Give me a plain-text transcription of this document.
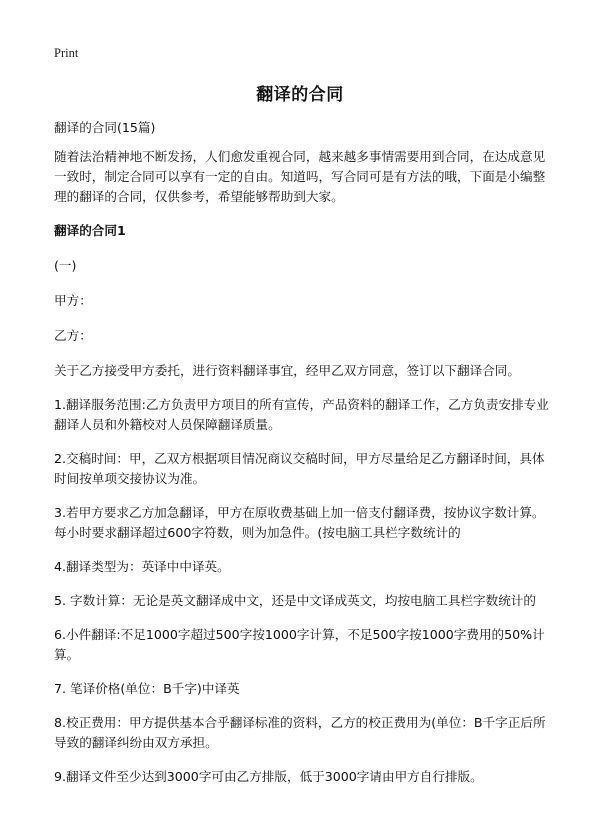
Print
翻译的合同

翻译的合同(15篇)

随着法治精神地不断发扬，人们愈发重视合同，越来越多事情需要用到合同，在达成意见一致时，制定合同可以享有一定的自由。知道吗，写合同可是有方法的哦，下面是小编整理的翻译的合同，仅供参考，希望能够帮助到大家。

翻译的合同1

(一)

甲方：

乙方：

关于乙方接受甲方委托，进行资料翻译事宜，经甲乙双方同意，签订以下翻译合同。

1.翻译服务范围:乙方负责甲方项目的所有宣传，产品资料的翻译工作，乙方负责安排专业翻译人员和外籍校对人员保障翻译质量。

2.交稿时间：甲，乙双方根据项目情况商议交稿时间，甲方尽量给足乙方翻译时间，具体时间按单项交接协议为准。

3.若甲方要求乙方加急翻译，甲方在原收费基础上加一倍支付翻译费，按协议字数计算。每小时要求翻译超过600字符数，则为加急件。(按电脑工具栏字数统计的

4.翻译类型为：英译中中译英。

5. 字数计算：无论是英文翻译成中文，还是中文译成英文，均按电脑工具栏字数统计的

6.小件翻译:不足1000字超过500字按1000字计算，不足500字按1000字费用的50%计算。

7. 笔译价格(单位：B千字)中译英

8.校正费用：甲方提供基本合乎翻译标准的资料，乙方的校正费用为(单位：B千字正后所导致的翻译纠纷由双方承担。

9.翻译文件至少达到3000字可由乙方排版，低于3000字请由甲方自行排版。
